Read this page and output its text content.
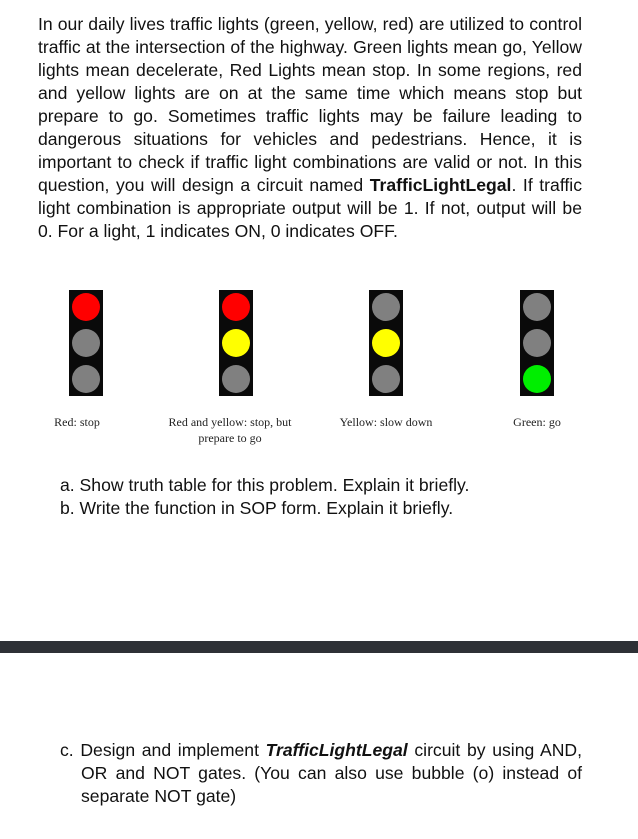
In our daily lives traffic lights (green, yellow, red) are utilized to control traffic at the intersection of the highway. Green lights mean go, Yellow lights mean decelerate, Red Lights mean stop. In some regions, red and yellow lights are on at the same time which means stop but prepare to go. Sometimes traffic lights may be failure leading to dangerous situations for vehicles and pedestrians. Hence, it is important to check if traffic light combinations are valid or not. In this question, you will design a circuit named TrafficLightLegal. If traffic light combination is appropriate output will be 1. If not, output will be 0. For a light, 1 indicates ON, 0 indicates OFF.

Red: stop	Red and yellow: stop, but prepare to go
Yellow: slow down	Green: go

a. Show truth table for this problem. Explain it briefly.

b. Write the function in SOP form. Explain it briefly.

c. Design and implement TrafficLightLegal circuit by using AND, OR and NOT gates. (You can also use bubble (o) instead of separate NOT gate)
